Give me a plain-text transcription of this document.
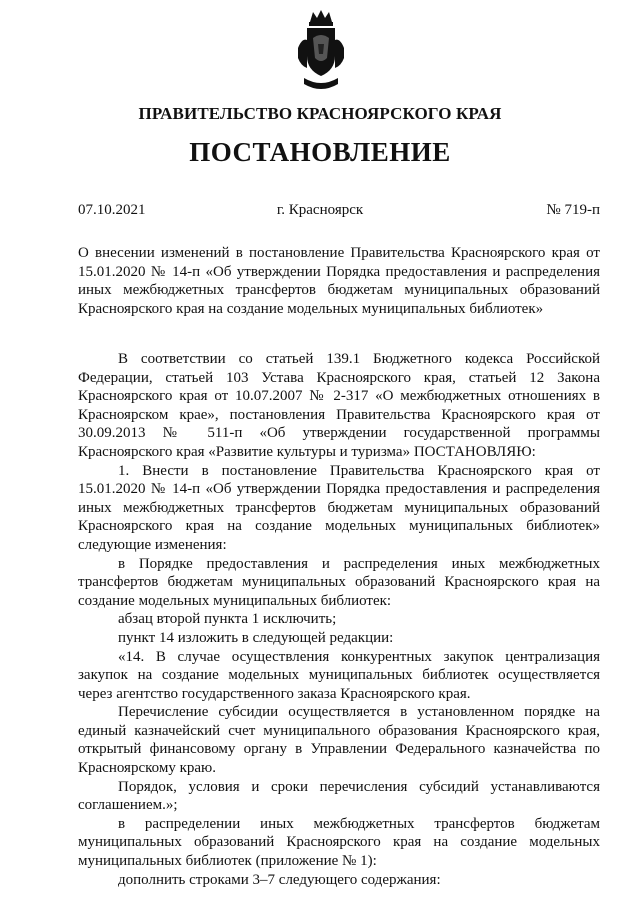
ПРАВИТЕЛЬСТВО КРАСНОЯРСКОГО КРАЯ
ПОСТАНОВЛЕНИЕ
07.10.2021	г. Красноярск	№ 719-п

О внесении изменений в постановление Правительства Красноярского края от 15.01.2020 № 14-п «Об утверждении Порядка предоставления и распределения иных межбюджетных трансфертов бюджетам муниципальных образований Красноярского края на создание модельных муниципальных библиотек»

В соответствии со статьей 139.1 Бюджетного кодекса Российской Федерации, статьей 103 Устава Красноярского края, статьей 12 Закона Красноярского края от 10.07.2007 № 2-317 «О межбюджетных отношениях в Красноярском крае», постановления Правительства Красноярского края от 30.09.2013 № 511-п «Об утверждении государственной программы Красноярского края «Развитие культуры и туризма» ПОСТАНОВЛЯЮ:

1. Внести в постановление Правительства Красноярского края от 15.01.2020 № 14-п «Об утверждении Порядка предоставления и распределения иных межбюджетных трансфертов бюджетам муниципальных образований Красноярского края на создание модельных муниципальных библиотек» следующие изменения:

в Порядке предоставления и распределения иных межбюджетных трансфертов бюджетам муниципальных образований Красноярского края на создание модельных муниципальных библиотек:

абзац второй пункта 1 исключить;

пункт 14 изложить в следующей редакции:

«14. В случае осуществления конкурентных закупок централизация закупок на создание модельных муниципальных библиотек осуществляется через агентство государственного заказа Красноярского края.

Перечисление субсидии осуществляется в установленном порядке на единый казначейский счет муниципального образования Красноярского края, открытый финансовому органу в Управлении Федерального казначейства по Красноярскому краю.

Порядок, условия и сроки перечисления субсидий устанавливаются соглашением.»;

в распределении иных межбюджетных трансфертов бюджетам муниципальных образований Красноярского края на создание модельных муниципальных библиотек (приложение № 1):

дополнить строками 3–7 следующего содержания:
